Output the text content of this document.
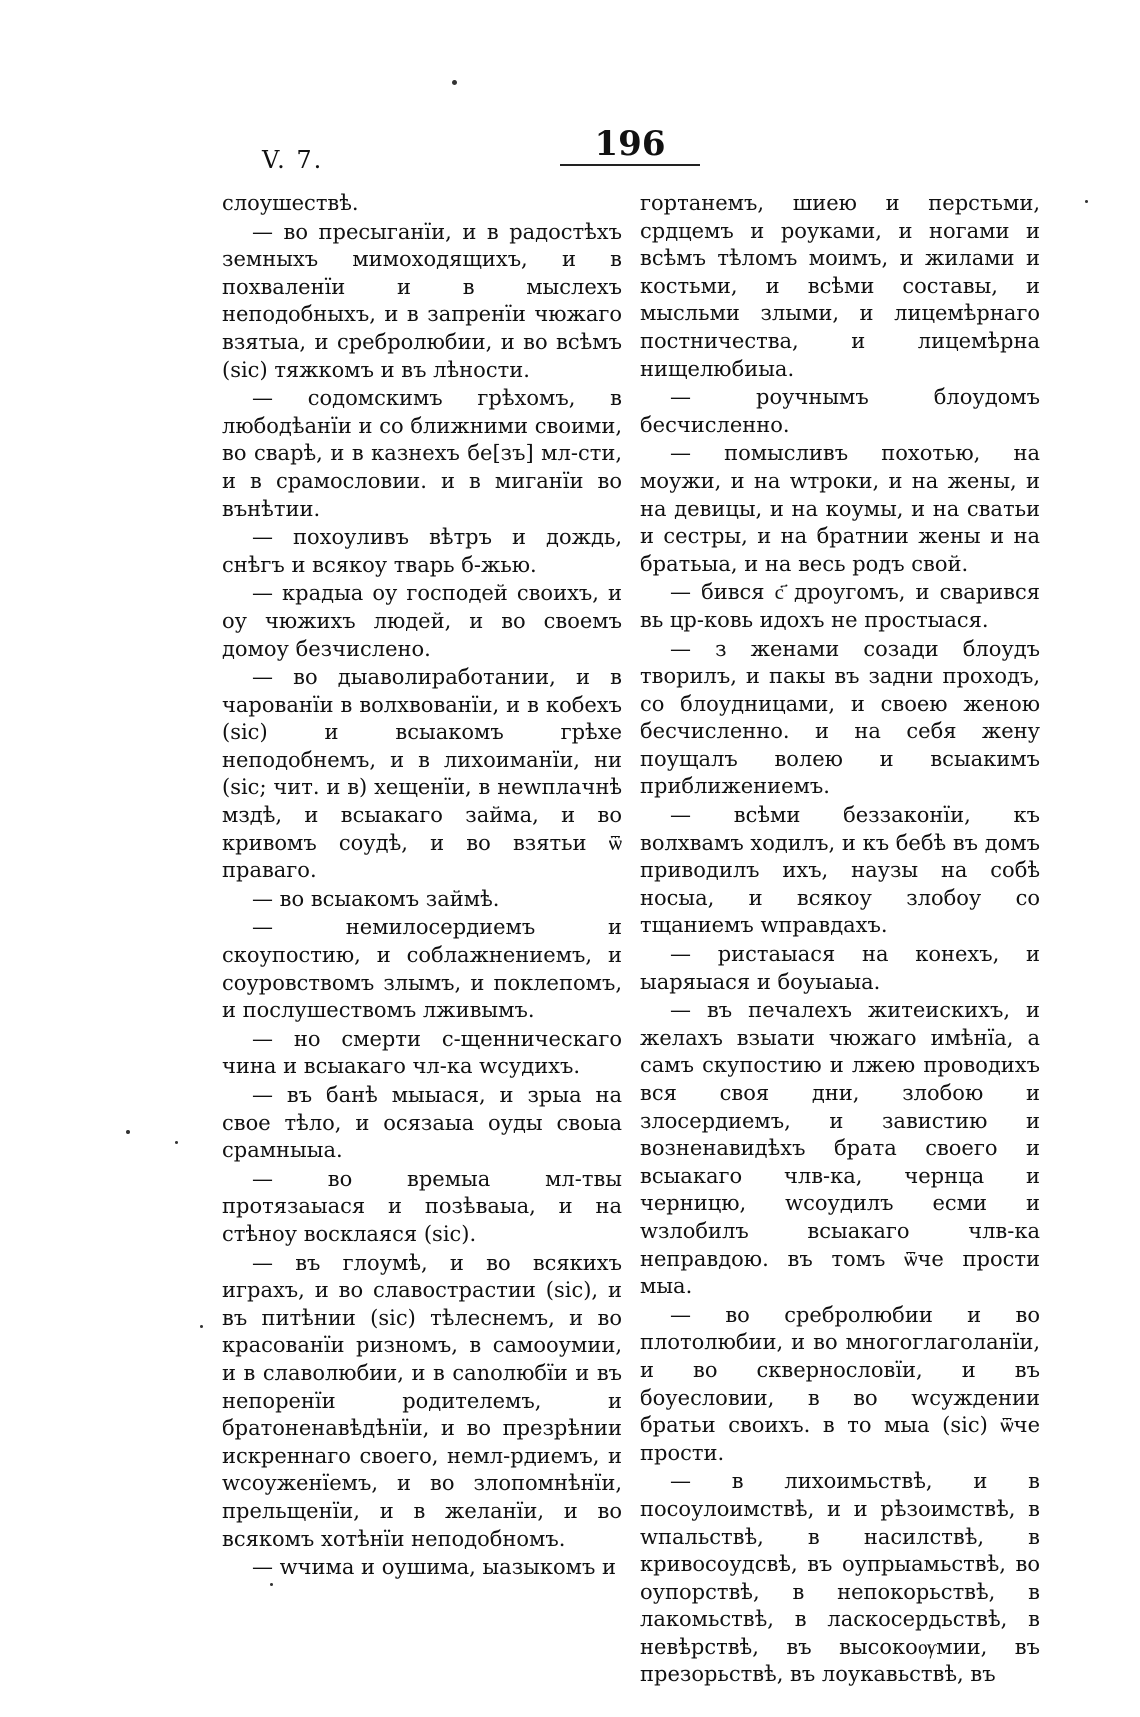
V. 7.	196

слоушествѣ.

— во пресыганїи, и в радостѣхъ земныхъ мимоходящихъ, и в похваленїи и в мыслехъ неподобныхъ, и в запренїи чюжаго взятыа, и сребролюбии, и во всѣмъ (sic) тяжкомъ и въ лѣности.

— содомскимъ грѣхомъ, в любодѣанїи и со ближними своими, во сварѣ, и в казнехъ бе[зъ] мл-сти, и в срамословии. и в миганїи во вънѣтии.

— похоуливъ вѣтръ и дождь, снѣгъ и всякоу тварь б-жью.

— крадыа оу господей своихъ, и оу чюжихъ людей, и во своемъ домоу безчислено.

— во дыаволиработании, и в чарованїи в волхвованїи, и в кобехъ (sic) и всыакомъ грѣхе неподобнемъ, и в лихоиманїи, ни (sic; чит. и в) хещенїи, в неwплачнѣ мздѣ, и всыакаго займа, и во кривомъ соудѣ, и во взятьи ѿ праваго.

— во всыакомъ займѣ.

— немилосердиемъ и скоупостию, и соблажнениемъ, и соуровствомъ злымъ, и поклепомъ, и послушествомъ лживымъ.

— но смерти с-щенническаго чина и всыакаго чл-ка wсудихъ.

— въ банѣ мыыася, и зрыа на свое тѣло, и осязаыа оуды своыа срамныыа.

— во времыа мл-твы протязаыася и позѣваыа, и на стѣноу восклаяся (sic).

— въ глоумѣ, и во всякихъ играхъ, и во славострастии (sic), и въ питѣнии (sic) тѣлеснемъ, и во красованїи ризномъ, в самооумии, и в славолюбии, и в сanолюбїи и въ непоренїи родителемъ, и братоненавѣдѣнїи, и во презрѣнии искреннаго своего, немл-рдиемъ, и wсоуженїемъ, и во злопомнѣнїи, прельщенїи, и в желанїи, и во всякомъ хотѣнїи неподобномъ.

— wчима и оушима, ыазыкомъ и

гортанемъ, шиею и перстьми, срдцемъ и роуками, и ногами и всѣмъ тѣломъ моимъ, и жилами и костьми, и всѣми составы, и мысльми злыми, и лицемѣрнаго постничества, и лицемѣрна нищелюбиыа.

— роучнымъ блоудомъ бесчисленно.

— помысливъ похотью, на моужи, и на wтроки, и на жены, и на девицы, и на коумы, и на сватьи и сестры, и на братнии жены и на братьыа, и на весь родъ свой.

— бився с҃ дроугомъ, и сварився вь цр-ковь идохъ не простыася.

— з женами созади блоудъ творилъ, и пакы въ задни проходъ, со блоудницами, и своею женою бесчисленно. и на себя жену поущалъ волею и всыакимъ приближениемъ.

— всѣми беззаконїи, къ волхвамъ ходилъ, и къ бебѣ въ домъ приводилъ ихъ, наузы на собѣ носыа, и всякоу злобоу со тщаниемъ wправдахъ.

— ристаыася на конехъ, и ыаряыася и боуыаыа.

— въ печалехъ житеискихъ, и желахъ взыати чюжаго имѣнїа, а самъ скупостию и лжею проводихъ вся своя дни, злобою и злосердиемъ, и завистию и возненавидѣхъ брата своего и всыакаго члв-ка, чернца и черницю, wсоудилъ есми и wзлобилъ всыакаго члв-ка неправдою. въ томъ ѿче прости мыа.

— во сребролюбии и во плотолюбии, и во многоглаголанїи, и во сквернословїи, и въ боуесловии, в во wсуждении братьи своихъ. в то мыа (sic) ѿче прости.

— в лихоимьствѣ, и в посоулоимствѣ, и и рѣзоимствѣ, в wпальствѣ, в насилствѣ, в кривосоудсвѣ, въ оупрыамьствѣ, во оупорствѣ, в непокорьствѣ, в лакомьствѣ, в ласкосердьствѣ, в невѣрствѣ, въ высокоѹмии, въ презорьствѣ, въ лоукавьствѣ, въ
